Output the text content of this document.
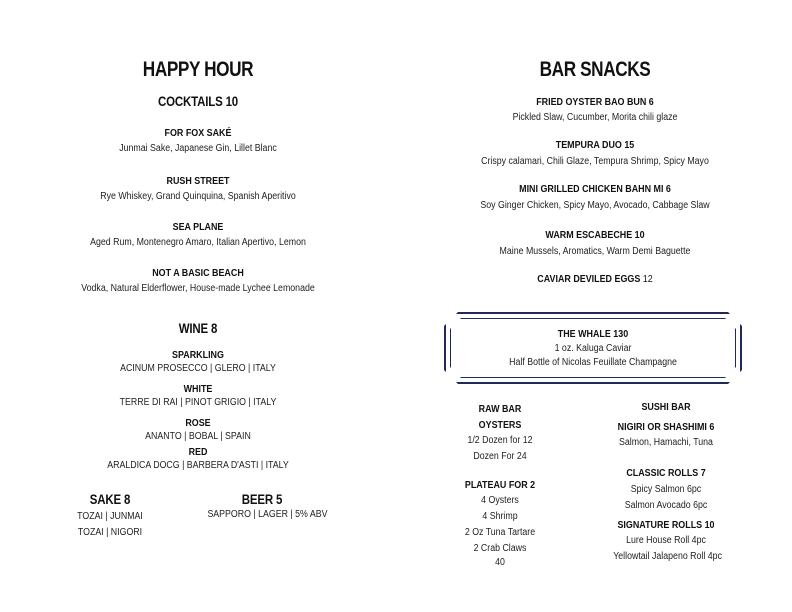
HAPPY HOUR
COCKTAILS 10
FOR FOX SAKÉ
Junmai Sake, Japanese Gin, Lillet Blanc
RUSH STREET
Rye Whiskey, Grand Quinquina, Spanish Aperitivo
SEA PLANE
Aged Rum, Montenegro Amaro, Italian Apertivo, Lemon
NOT A BASIC BEACH
Vodka, Natural Elderflower, House-made Lychee Lemonade
WINE 8
SPARKLING
ACINUM PROSECCO | GLERO | ITALY
WHITE
TERRE DI RAI | PINOT GRIGIO | ITALY
ROSE
ANANTO | BOBAL | SPAIN
RED
ARALDICA DOCG | BARBERA D'ASTI | ITALY
SAKE 8
TOZAI | JUNMAI
TOZAI | NIGORI
BEER 5
SAPPORO | LAGER | 5% ABV
BAR SNACKS
FRIED OYSTER BAO BUN 6
Pickled Slaw, Cucumber, Morita chili glaze
TEMPURA DUO 15
Crispy calamari, Chili Glaze, Tempura Shrimp, Spicy Mayo
MINI GRILLED CHICKEN BAHN MI 6
Soy Ginger Chicken, Spicy Mayo, Avocado, Cabbage Slaw
WARM ESCABECHE 10
Maine Mussels, Aromatics, Warm Demi Baguette
CAVIAR DEVILED EGGS 12
THE WHALE 130
1 oz. Kaluga Caviar
Half Bottle of Nicolas Feuillate Champagne
RAW BAR
OYSTERS
1/2 Dozen for 12
Dozen For 24
PLATEAU FOR 2
4 Oysters
4 Shrimp
2 Oz Tuna Tartare
2 Crab Claws
40
SUSHI BAR
NIGIRI OR SHASHIMI 6
Salmon, Hamachi, Tuna
CLASSIC ROLLS 7
Spicy Salmon 6pc
Salmon Avocado 6pc
SIGNATURE ROLLS 10
Lure House Roll 4pc
Yellowtail Jalapeno Roll 4pc
